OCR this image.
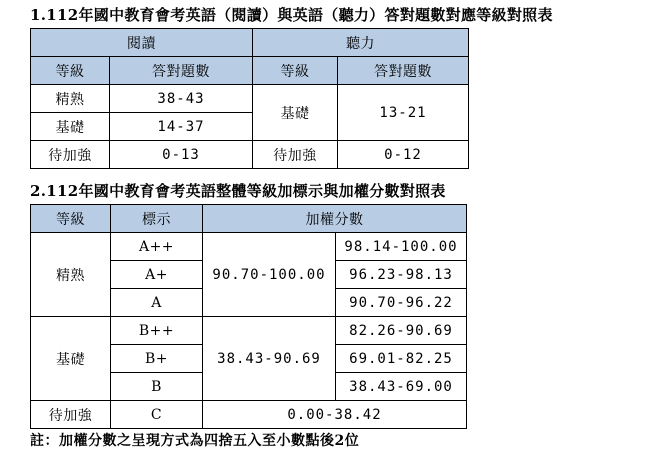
1.112年國中教育會考英語（閱讀）與英語（聽力）答對題數對應等級對照表
閱讀		聽力	
等級	答對題數	等級	答對題數
精熟	38-43	基礎	13-21
基礎	14-37		
待加強	0-13	待加強	0-12
2.112年國中教育會考英語整體等級加標示與加權分數對照表
等級	標示	加權分數	
精熟	A++	90.70-100.00	98.14-100.00
	A+		96.23-98.13
	A		90.70-96.22
基礎	B++	38.43-90.69	82.26-90.69
	B+		69.01-82.25
	B		38.43-69.00
待加強	C	0.00-38.42	
註：加權分數之呈現方式為四捨五入至小數點後2位
